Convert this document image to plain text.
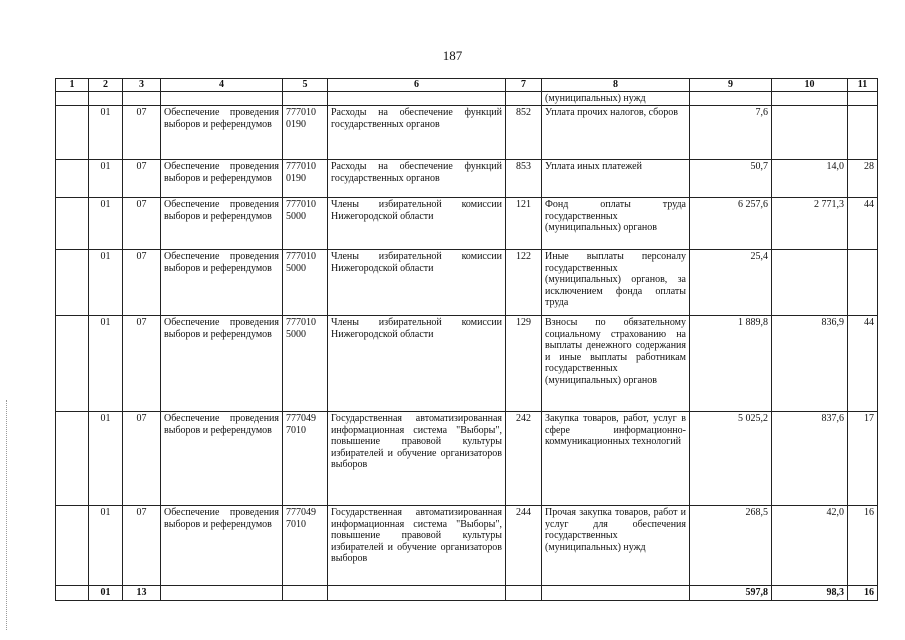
187
1	2	3	4	5	6	7	8	9	10	11
							(муниципальных) нужд			
	01	07	Обеспечение проведения выборов и референдумов	777010 0190	Расходы на обеспечение функций государственных органов	852	Уплата прочих налогов, сборов	7,6		
	01	07	Обеспечение проведения выборов и референдумов	777010 0190	Расходы на обеспечение функций государственных органов	853	Уплата иных платежей	50,7	14,0	28
	01	07	Обеспечение проведения выборов и референдумов	777010 5000	Члены избирательной комиссии Нижегородской области	121	Фонд оплаты труда государственных (муниципальных) органов	6 257,6	2 771,3	44
	01	07	Обеспечение проведения выборов и референдумов	777010 5000	Члены избирательной комиссии Нижегородской области	122	Иные выплаты персоналу государственных (муниципальных) органов, за исключением фонда оплаты труда	25,4		
	01	07	Обеспечение проведения выборов и референдумов	777010 5000	Члены избирательной комиссии Нижегородской области	129	Взносы по обязательному социальному страхованию на выплаты денежного содержания и иные выплаты работникам государственных (муниципальных) органов	1 889,8	836,9	44
	01	07	Обеспечение проведения выборов и референдумов	777049 7010	Государственная автоматизированная информационная система "Выборы", повышение правовой культуры избирателей и обучение организаторов выборов	242	Закупка товаров, работ, услуг в сфере информационно-коммуникационных технологий	5 025,2	837,6	17
	01	07	Обеспечение проведения выборов и референдумов	777049 7010	Государственная автоматизированная информационная система "Выборы", повышение правовой культуры избирателей и обучение организаторов выборов	244	Прочая закупка товаров, работ и услуг для обеспечения государственных (муниципальных) нужд	268,5	42,0	16
	01	13						597,8	98,3	16
